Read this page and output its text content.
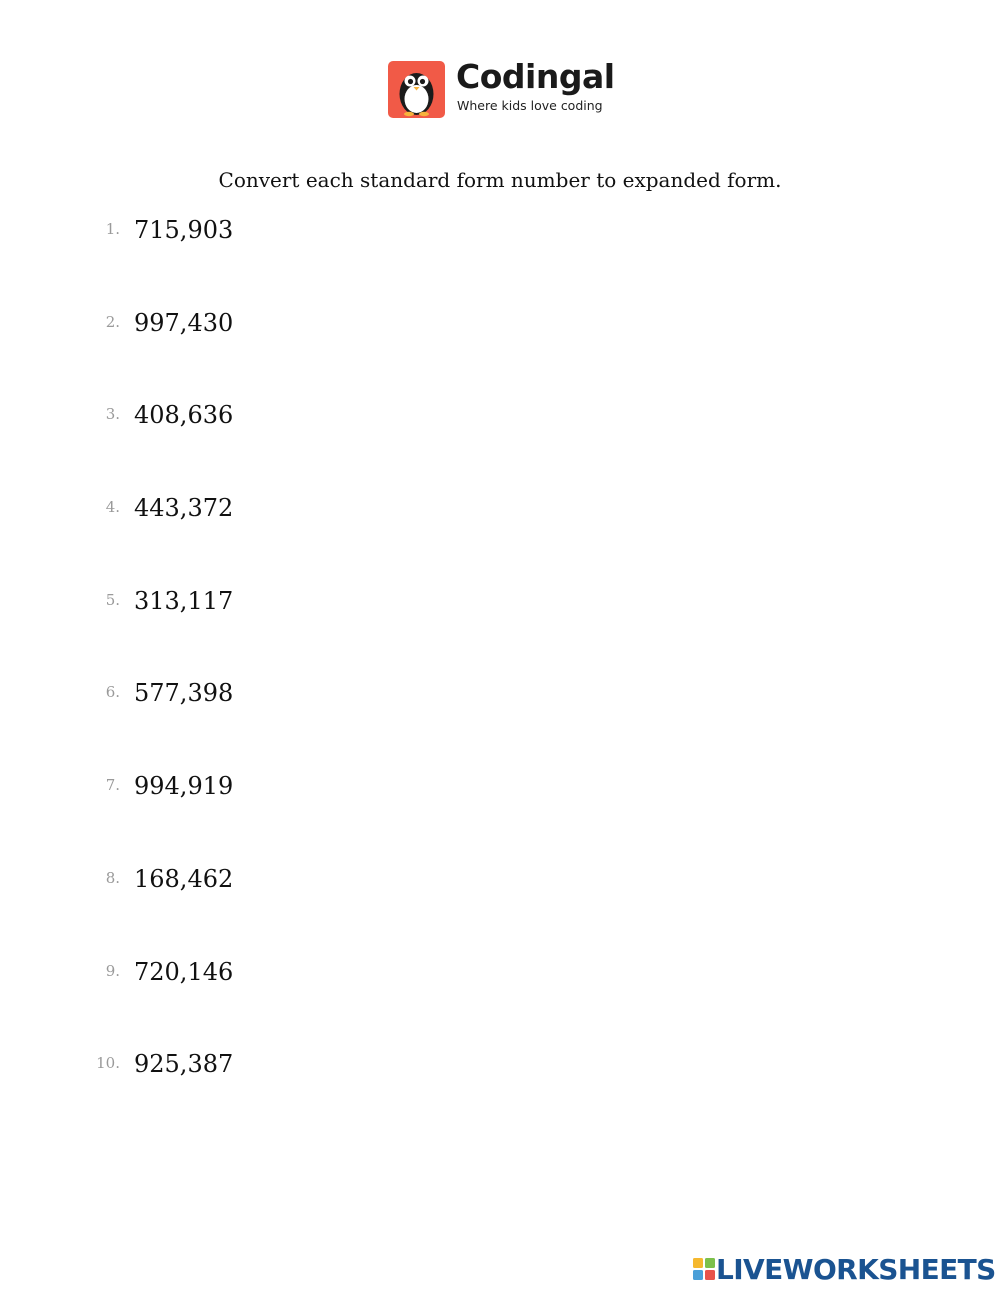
Codingal
Where kids love coding
Convert each standard form number to expanded form.
1. 715,903
2. 997,430
3. 408,636
4. 443,372
5. 313,117
6. 577,398
7. 994,919
8. 168,462
9. 720,146
10. 925,387
LIVEWORKSHEETS
